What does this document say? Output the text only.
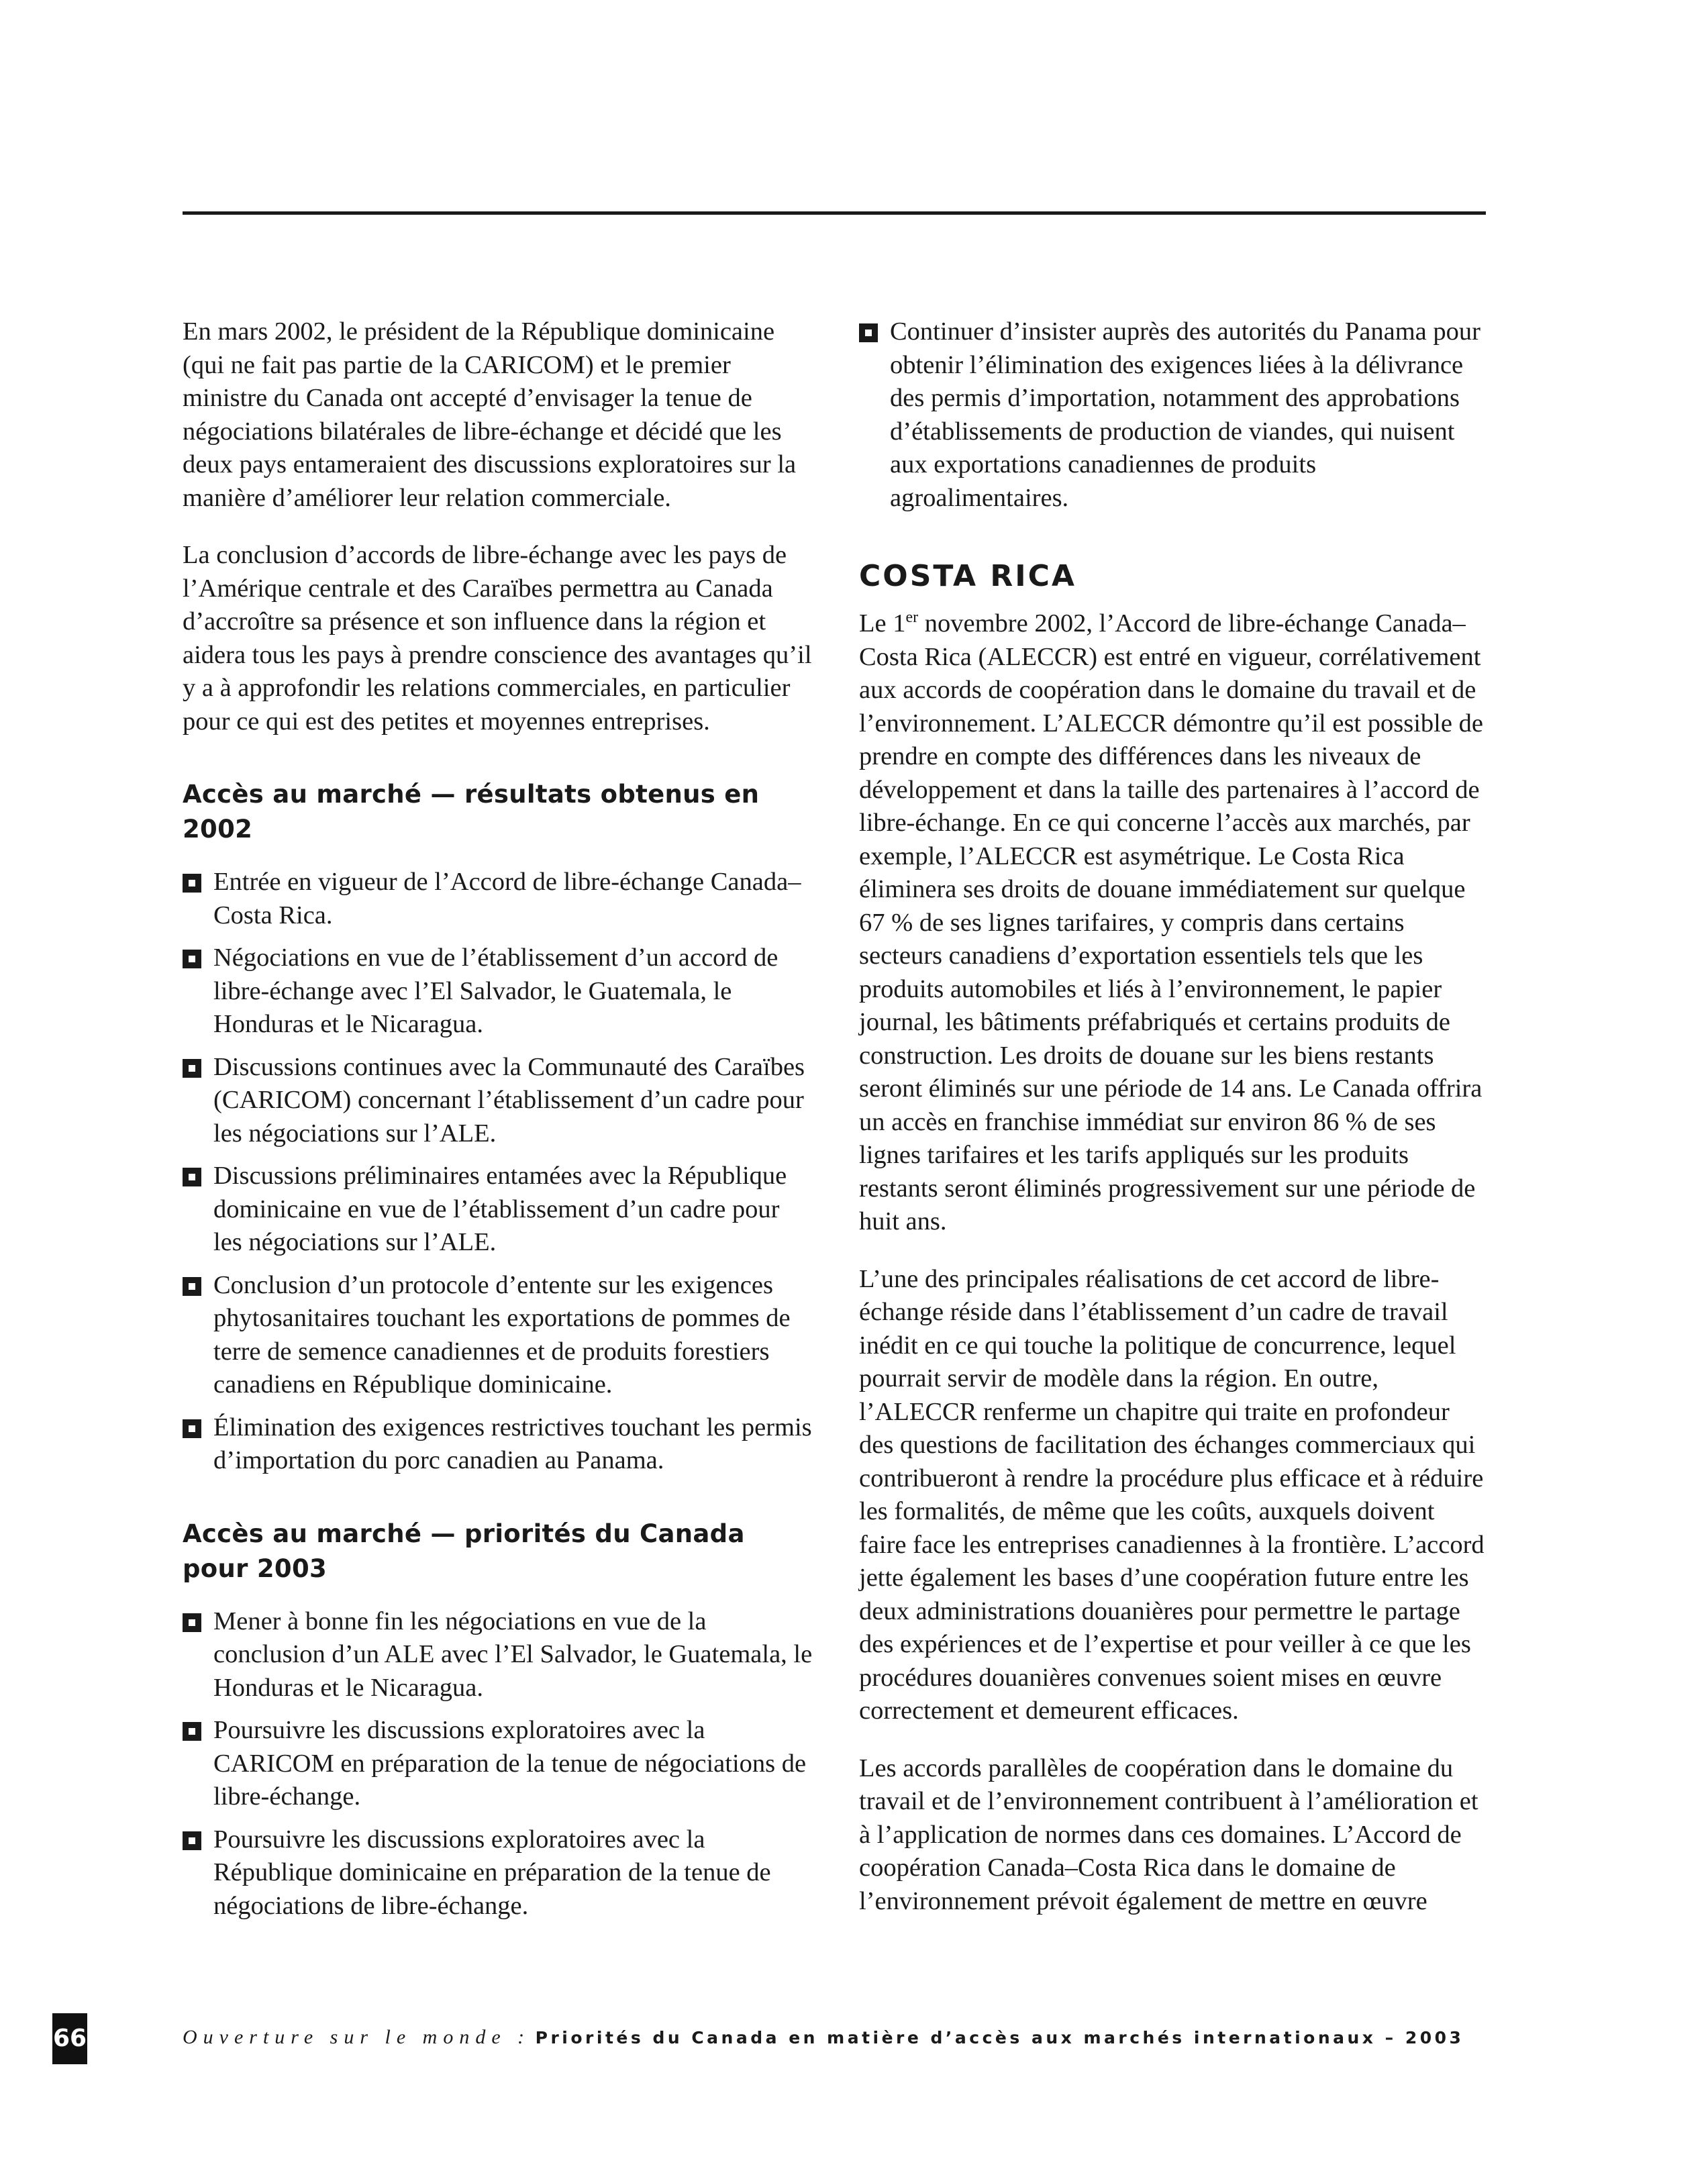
En mars 2002, le président de la République dominicaine (qui ne fait pas partie de la CARICOM) et le premier ministre du Canada ont accepté d’envisager la tenue de négociations bilatérales de libre-échange et décidé que les deux pays entameraient des discussions exploratoires sur la manière d’améliorer leur relation commerciale.

La conclusion d’accords de libre-échange avec les pays de l’Amérique centrale et des Caraïbes permettra au Canada d’accroître sa présence et son influence dans la région et aidera tous les pays à prendre conscience des avantages qu’il y a à approfondir les relations commerciales, en particulier pour ce qui est des petites et moyennes entreprises.

Accès au marché — résultats obtenus en 2002
Entrée en vigueur de l’Accord de libre-échange Canada–Costa Rica.
Négociations en vue de l’établissement d’un accord de libre-échange avec l’El Salvador, le Guatemala, le Honduras et le Nicaragua.
Discussions continues avec la Communauté des Caraïbes (CARICOM) concernant l’établissement d’un cadre pour les négociations sur l’ALE.
Discussions préliminaires entamées avec la République dominicaine en vue de l’établissement d’un cadre pour les négociations sur l’ALE.
Conclusion d’un protocole d’entente sur les exigences phytosanitaires touchant les exportations de pommes de terre de semence canadiennes et de produits forestiers canadiens en République dominicaine.
Élimination des exigences restrictives touchant les permis d’importation du porc canadien au Panama.
Accès au marché — priorités du Canada pour 2003
Mener à bonne fin les négociations en vue de la conclusion d’un ALE avec l’El Salvador, le Guatemala, le Honduras et le Nicaragua.
Poursuivre les discussions exploratoires avec la CARICOM en préparation de la tenue de négociations de libre-échange.
Poursuivre les discussions exploratoires avec la République dominicaine en préparation de la tenue de négociations de libre-échange.
Continuer d’insister auprès des autorités du Panama pour obtenir l’élimination des exigences liées à la délivrance des permis d’importation, notamment des approbations d’établissements de production de viandes, qui nuisent aux exportations canadiennes de produits agroalimentaires.
COSTA RICA

Le 1er novembre 2002, l’Accord de libre-échange Canada–Costa Rica (ALECCR) est entré en vigueur, corrélativement aux accords de coopération dans le domaine du travail et de l’environnement. L’ALECCR démontre qu’il est possible de prendre en compte des différences dans les niveaux de développement et dans la taille des partenaires à l’accord de libre-échange. En ce qui concerne l’accès aux marchés, par exemple, l’ALECCR est asymétrique. Le Costa Rica éliminera ses droits de douane immédiatement sur quelque 67 % de ses lignes tarifaires, y compris dans certains secteurs canadiens d’exportation essentiels tels que les produits automobiles et liés à l’environnement, le papier journal, les bâtiments préfabriqués et certains produits de construction. Les droits de douane sur les biens restants seront éliminés sur une période de 14 ans. Le Canada offrira un accès en franchise immédiat sur environ 86 % de ses lignes tarifaires et les tarifs appliqués sur les produits restants seront éliminés progressivement sur une période de huit ans.

L’une des principales réalisations de cet accord de libre-échange réside dans l’établissement d’un cadre de travail inédit en ce qui touche la politique de concurrence, lequel pourrait servir de modèle dans la région. En outre, l’ALECCR renferme un chapitre qui traite en profondeur des questions de facilitation des échanges commerciaux qui contribueront à rendre la procédure plus efficace et à réduire les formalités, de même que les coûts, auxquels doivent faire face les entreprises canadiennes à la frontière. L’accord jette également les bases d’une coopération future entre les deux administrations douanières pour permettre le partage des expériences et de l’expertise et pour veiller à ce que les procédures douanières convenues soient mises en œuvre correctement et demeurent efficaces.

Les accords parallèles de coopération dans le domaine du travail et de l’environnement contribuent à l’amélioration et à l’application de normes dans ces domaines. L’Accord de coopération Canada–Costa Rica dans le domaine de l’environnement prévoit également de mettre en œuvre

66	Ouverture sur le monde : Priorités du Canada en matière d’accès aux marchés internationaux – 2003
